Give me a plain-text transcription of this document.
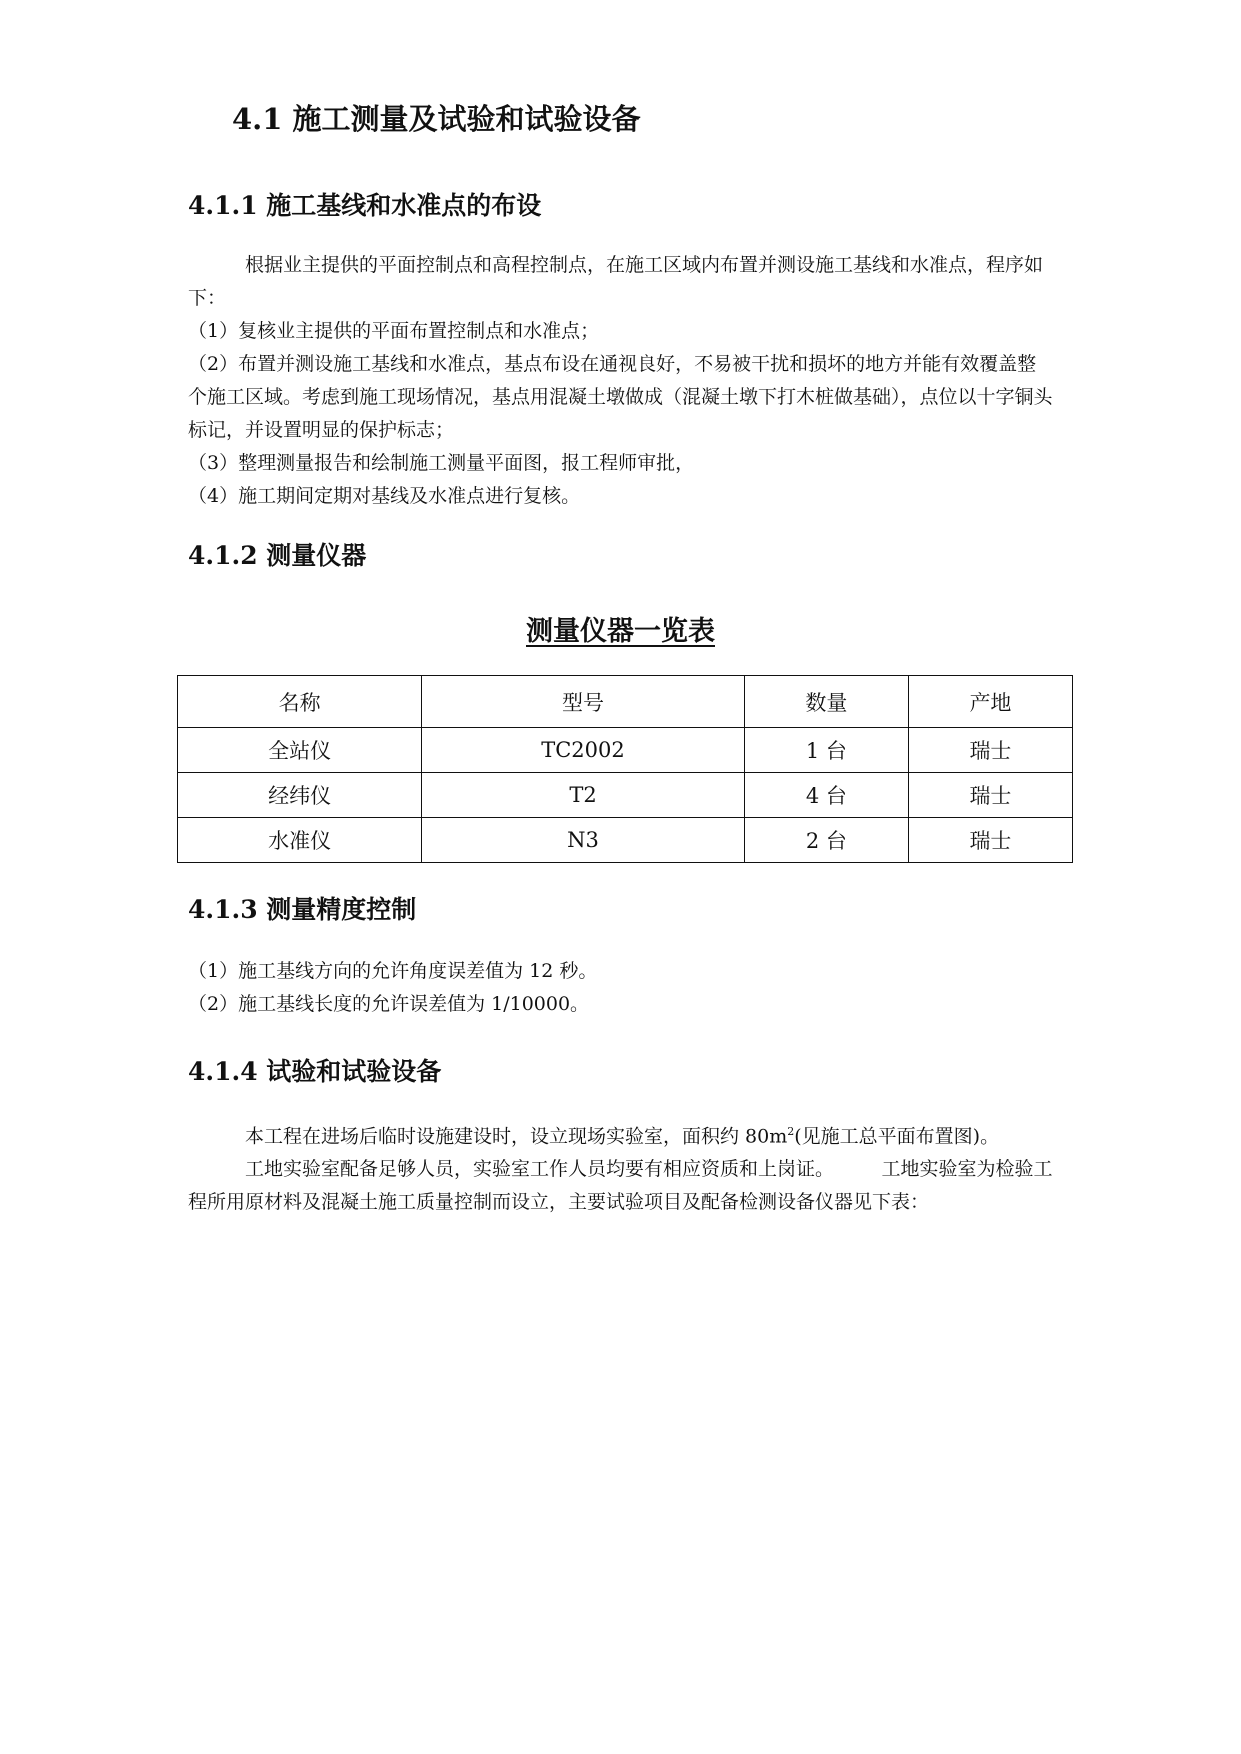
4.1 施工测量及试验和试验设备
4.1.1 施工基线和水准点的布设

根据业主提供的平面控制点和高程控制点，在施工区域内布置并测设施工基线和水准点，程序如下：

（1）复核业主提供的平面布置控制点和水准点；

（2）布置并测设施工基线和水准点，基点布设在通视良好，不易被干扰和损坏的地方并能有效覆盖整个施工区域。考虑到施工现场情况，基点用混凝土墩做成（混凝土墩下打木桩做基础），点位以十字铜头标记，并设置明显的保护标志；

（3）整理测量报告和绘制施工测量平面图，报工程师审批，

（4）施工期间定期对基线及水准点进行复核。

4.1.2 测量仪器
测量仪器一览表
名称	型号	数量	产地
全站仪	TC2002	1 台	瑞士
经纬仪	T2	4 台	瑞士
水准仪	N3	2 台	瑞士
4.1.3 测量精度控制

（1）施工基线方向的允许角度误差值为 12 秒。

（2）施工基线长度的允许误差值为 1/10000。

4.1.4 试验和试验设备

本工程在进场后临时设施建设时，设立现场实验室，面积约 $80m^2$(见施工总平面布置图)。

工地实验室配备足够人员，实验室工作人员均要有相应资质和上岗证。　　　工地实验室为检验工程所用原材料及混凝土施工质量控制而设立，主要试验项目及配备检测设备仪器见下表：
